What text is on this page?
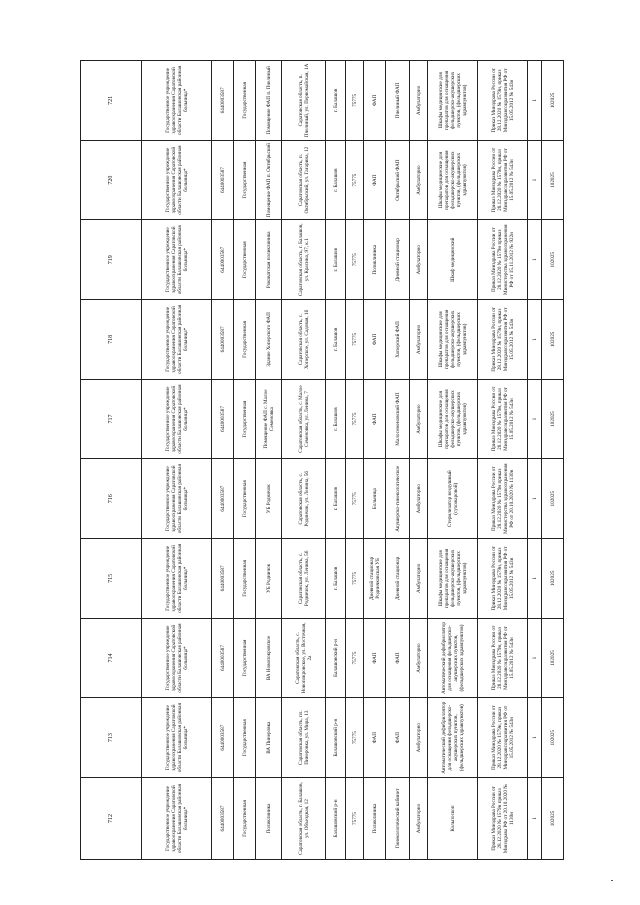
712	713	714	715	716	717	718	719	720	721
Государственное учреждение здравоохранения Саратовской области Балашовская районная больница*	Государственное учреждение здравоохранения Саратовской области Балашовская районная больница*	Государственное учреждение здравоохранения Саратовской области Балашовская районная больница*	Государственное учреждение здравоохранения Саратовской области Балашовская районная больница*	Государственное учреждение здравоохранения Саратовской области Балашовская районная больница*	Государственное учреждение здравоохранения Саратовской области Балашовская районная больница*	Государственное учреждение здравоохранения Саратовской области Балашовская районная больница*	Государственное учреждение здравоохранения Саратовской области Балашовская районная больница*	Государственное учреждение здравоохранения Саратовской области Балашовская районная больница*	Государственное учреждение здравоохранения Саратовской области Балашовская районная больница*
6440003587	6440003587	6440003587	6440003587	6440003587	6440003587	6440003587	6440003587	6440003587	6440003587
Государственная	Государственная	Государственная	Государственная	Государственная	Государственная	Государственная	Государственная	Государственная	Государственная
Поликлиника	ВА Пинеровка	ВА Новопокровское	УБ Родничок	УБ Родничок	Помещение ФАП с. Малое Семеновка	Здание Хоперского ФАП	Роковатская поликлиника	Помещение ФАП п. Октябрьский	Помещение ФАП п. Пчелиный
Саратовская область, г. Балашов, ул. Объездная, 12	Саратовская область, пл. Пинеровка, ул. Мира, 13	Саратовская область, с. Новопокровское, ул. Восточная, 2а	Саратовская область, с. Родничок, ул. Ленина, 56	Саратовская область, с. Родничок, ул. Ленина, 56	Саратовская область, с. Малое Семеновка, ул. Ленина, 7	Саратовская область, с. Хоперское, ул. Садовая, 1б	Саратовская область, г. Балашов, ул. Красина, 97, к.1	Саратовская область, п. Октябрьский, ул. Гагарина, 12	Саратовская область, п. Пчелиный, ул. Первомайская, 1А
Балашовский р-н	Балашовский р-н	Балашовский р-н	г. Балашов	г. Балашов	г. Балашов	г. Балашов	г. Балашов	г. Балашов	г. Балашов
75775	75775	75775	75775	75775	75775	75775	75775	75775	75775
Поликлиника	ФАП	ФАП	Дневной стационар Родничковская УБ	Больница	ФАП	ФАП	Поликлиника	ФАП	ФАП
Гинекологический кабинет	ФАП	ФАП	Дневной стационар	Акушерско-гинекологическое	Малосеменовский ФАП	Хоперский ФАП	Дневной стационар	Октябрьский ФАП	Пчелиный ФАП
Амбулаторно	Амбулаторно	Амбулаторно	Амбулаторно	Амбулаторно	Амбулаторно	Амбулаторно	Амбулаторно	Амбулаторно	Амбулаторно
Кольпоскоп	Автоматический дефибриллятор для оснащения фельдшерско-акушерских пунктов, (фельдшерских здравпунктов)	Автоматический дефибриллятор для оснащения фельдшерско-акушерских пунктов, (фельдшерских здравпунктов)	Шкафы медицинские для препаратов для оснащения фельдшерско-акушерских пунктов, (фельдшерских здравпунктов)	Стерилизатор воздушный (сухожаровой)	Шкафы медицинские для препаратов для оснащения фельдшерско-акушерских пунктов, (фельдшерских здравпунктов)	Шкафы медицинские для препаратов для оснащения фельдшерско-акушерских пунктов, (фельдшерских здравпунктов)	Шкаф медицинский	Шкафы медицинские для препаратов для оснащения фельдшерско-акушерских пунктов, (фельдшерских здравпунктов)	Шкафы медицинские для препаратов для оснащения фельдшерско-акушерских пунктов, (фельдшерских здравпунктов)
Приказ Минздрава России от 28.12.2020 № 1579н приказ Минздрава РФ от 20.10.2020 № 1130н	Приказ Минздрава России от 28.12.2020 № 1579н, приказ Минздравсоцразвития РФ от 15.05.2012 № 543н	Приказ Минздрава России от 28.12.2020 № 1579н, приказ Минздравсоцразвития РФ от 15.05.2012 № 543н	Приказ Минздрава России от 28.12.2020 № 1579н, приказ Минздравсоцразвития РФ от 15.05.2012 № 543н	Приказ Минздрава России от 28.12.2020 № 1579н приказ Министерства здравоохранения РФ от 20.10.2020 № 1130н	Приказ Минздрава России от 28.12.2020 № 1579н, приказ Минздравсоцразвития РФ от 15.05.2012 № 543н	Приказ Минздрава России от 28.12.2020 № 1579н, приказ Минздравсоцразвития РФ от 15.05.2012 № 543н	Приказ Минздрава России от 28.12.2020 № 1579н приказ Министерства здравоохранения РФ от 15.11.2012 № 922н	Приказ Минздрава России от 28.12.2020 № 1579н, приказ Минздравсоцразвития РФ от 15.05.2012 № 543н	Приказ Минздрава России от 28.12.2020 № 1579н, приказ Минздравсоцразвития РФ от 15.05.2012 № 543н
1	1	1	1	1	1	1	1	1	1
102025	102025	102025	102025	102025	102025	102025	102025	102025	102025
